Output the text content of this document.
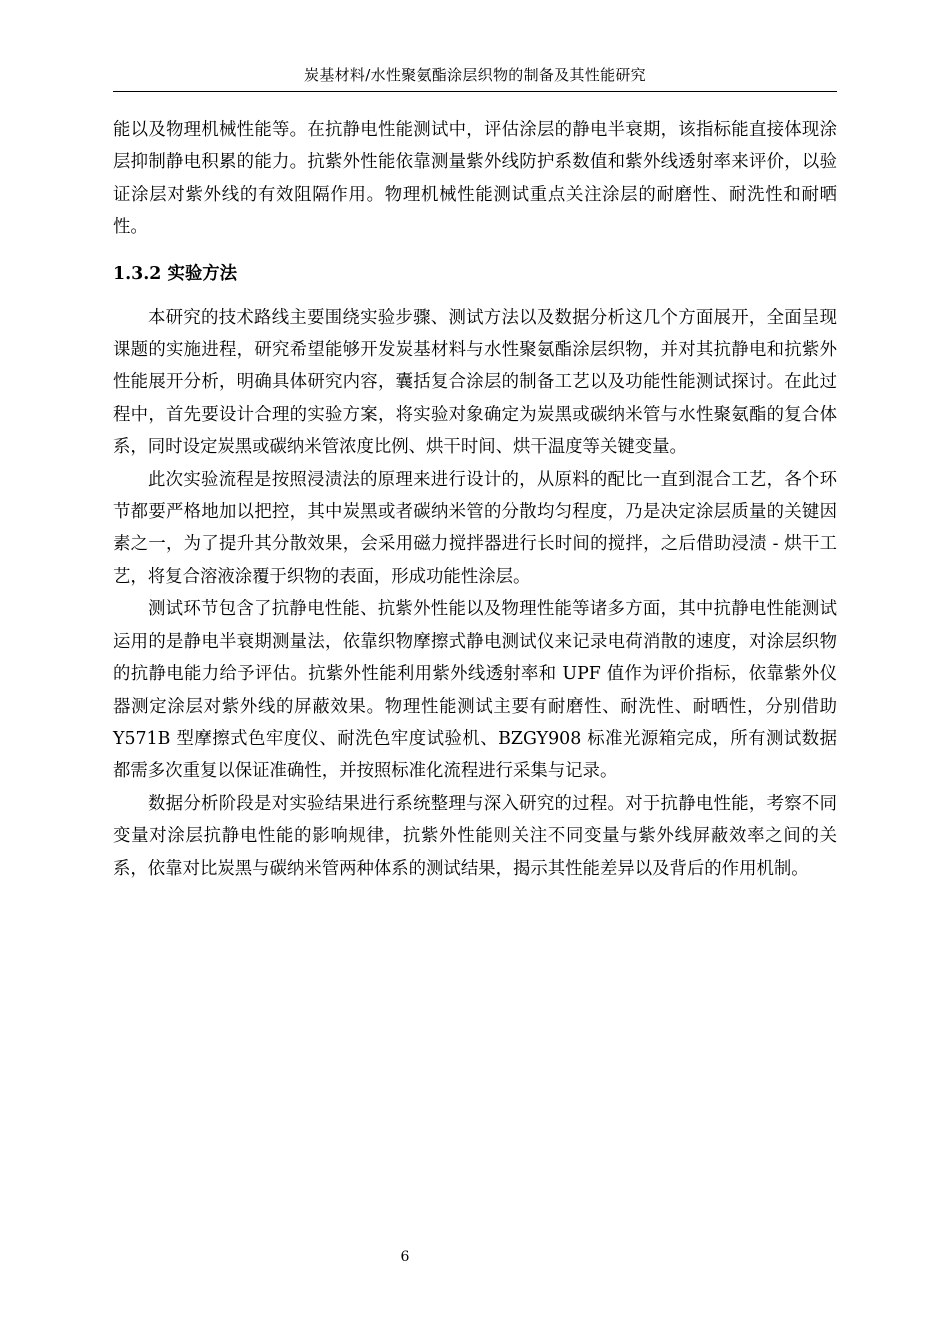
炭基材料/水性聚氨酯涂层织物的制备及其性能研究

能以及物理机械性能等。在抗静电性能测试中，评估涂层的静电半衰期，该指标能直接体现涂层抑制静电积累的能力。抗紫外性能依靠测量紫外线防护系数值和紫外线透射率来评价，以验证涂层对紫外线的有效阻隔作用。物理机械性能测试重点关注涂层的耐磨性、耐洗性和耐晒性。

1.3.2 实验方法

本研究的技术路线主要围绕实验步骤、测试方法以及数据分析这几个方面展开，全面呈现课题的实施进程，研究希望能够开发炭基材料与水性聚氨酯涂层织物，并对其抗静电和抗紫外性能展开分析，明确具体研究内容，囊括复合涂层的制备工艺以及功能性能测试探讨。在此过程中，首先要设计合理的实验方案，将实验对象确定为炭黑或碳纳米管与水性聚氨酯的复合体系，同时设定炭黑或碳纳米管浓度比例、烘干时间、烘干温度等关键变量。

此次实验流程是按照浸渍法的原理来进行设计的，从原料的配比一直到混合工艺，各个环节都要严格地加以把控，其中炭黑或者碳纳米管的分散均匀程度，乃是决定涂层质量的关键因素之一，为了提升其分散效果，会采用磁力搅拌器进行长时间的搅拌，之后借助浸渍 - 烘干工艺，将复合溶液涂覆于织物的表面，形成功能性涂层。

测试环节包含了抗静电性能、抗紫外性能以及物理性能等诸多方面，其中抗静电性能测试运用的是静电半衰期测量法，依靠织物摩擦式静电测试仪来记录电荷消散的速度，对涂层织物的抗静电能力给予评估。抗紫外性能利用紫外线透射率和 UPF 值作为评价指标，依靠紫外仪器测定涂层对紫外线的屏蔽效果。物理性能测试主要有耐磨性、耐洗性、耐晒性，分别借助 Y571B 型摩擦式色牢度仪、耐洗色牢度试验机、BZGY908 标准光源箱完成，所有测试数据都需多次重复以保证准确性，并按照标准化流程进行采集与记录。

数据分析阶段是对实验结果进行系统整理与深入研究的过程。对于抗静电性能，考察不同变量对涂层抗静电性能的影响规律，抗紫外性能则关注不同变量与紫外线屏蔽效率之间的关系，依靠对比炭黑与碳纳米管两种体系的测试结果，揭示其性能差异以及背后的作用机制。

6
